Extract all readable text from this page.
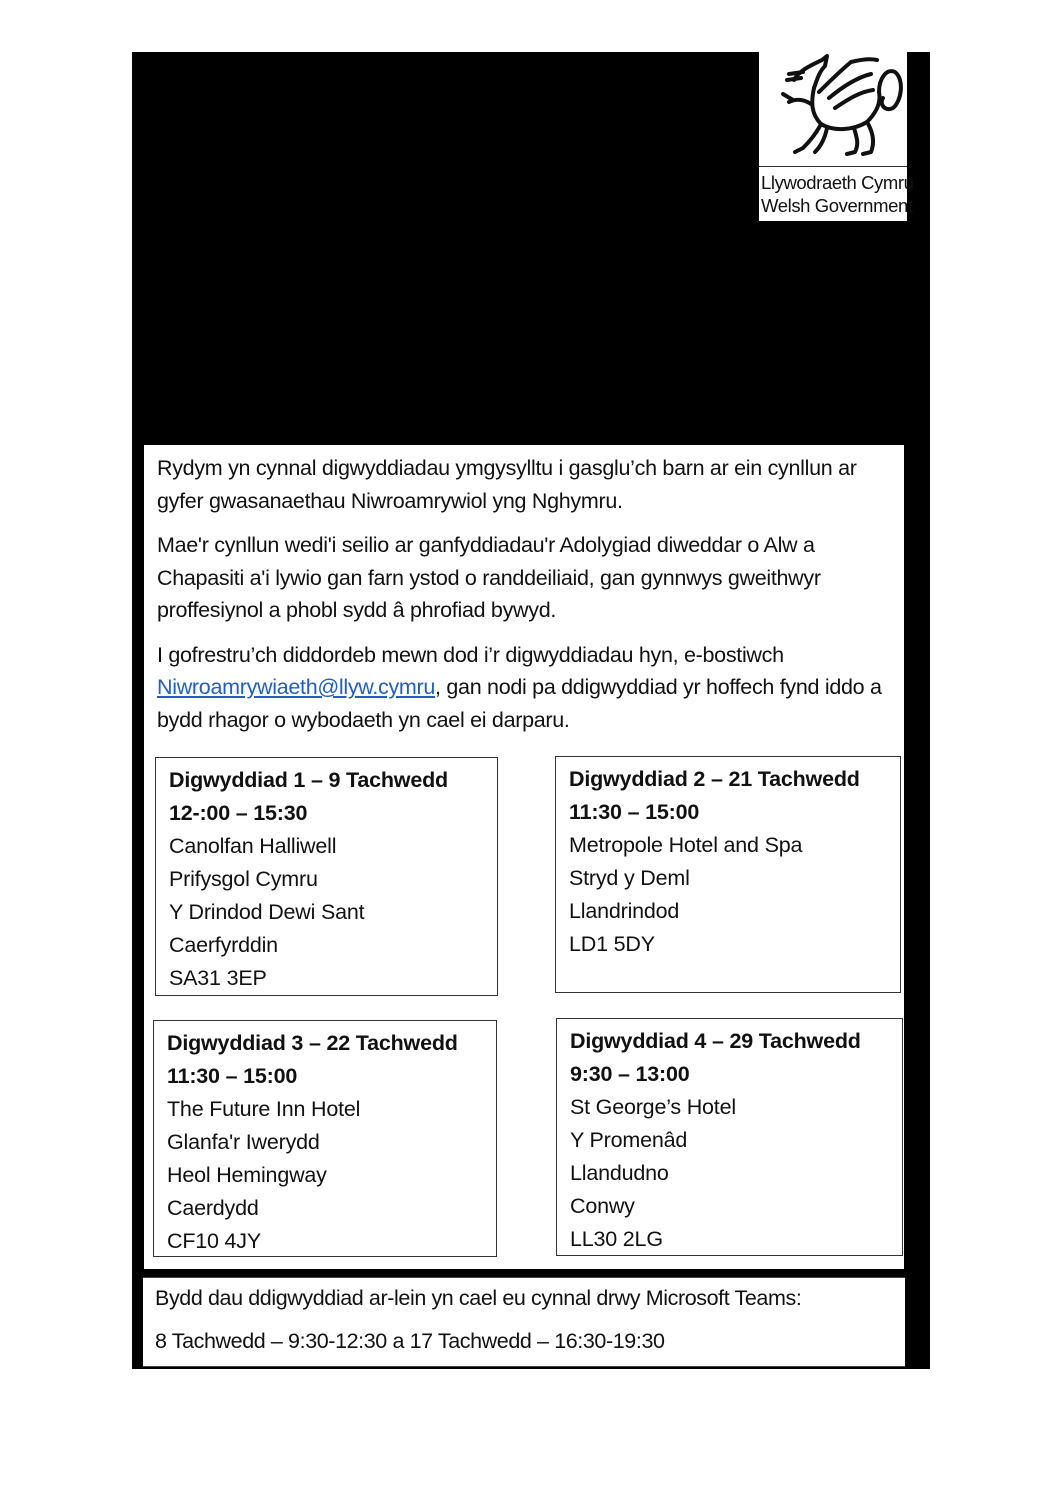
Llywodraeth Cymru
Welsh Government

Rydym yn cynnal digwyddiadau ymgysylltu i gasglu’ch barn ar ein cynllun ar gyfer gwasanaethau Niwroamrywiol yng Nghymru.

Mae'r cynllun wedi'i seilio ar ganfyddiadau'r Adolygiad diweddar o Alw a Chapasiti a'i lywio gan farn ystod o randdeiliaid, gan gynnwys gweithwyr proffesiynol a phobl sydd â phrofiad bywyd.

I gofrestru’ch diddordeb mewn dod i’r digwyddiadau hyn, e-bostiwch Niwroamrywiaeth@llyw.cymru, gan nodi pa ddigwyddiad yr hoffech fynd iddo a bydd rhagor o wybodaeth yn cael ei darparu.

Digwyddiad 1 – 9 Tachwedd
12-:00 – 15:30
Canolfan Halliwell
Prifysgol Cymru
Y Drindod Dewi Sant
Caerfyrddin
SA31 3EP
Digwyddiad 2 – 21 Tachwedd
11:30 – 15:00
Metropole Hotel and Spa
Stryd y Deml
Llandrindod
LD1 5DY
Digwyddiad 3 – 22 Tachwedd
11:30 – 15:00
The Future Inn Hotel
Glanfa'r Iwerydd
Heol Hemingway
Caerdydd
CF10 4JY
Digwyddiad 4 – 29 Tachwedd
9:30 – 13:00
St George’s Hotel
Y Promenâd
Llandudno
Conwy
LL30 2LG

Bydd dau ddigwyddiad ar-lein yn cael eu cynnal drwy Microsoft Teams:

8 Tachwedd – 9:30-12:30 a 17 Tachwedd – 16:30-19:30
